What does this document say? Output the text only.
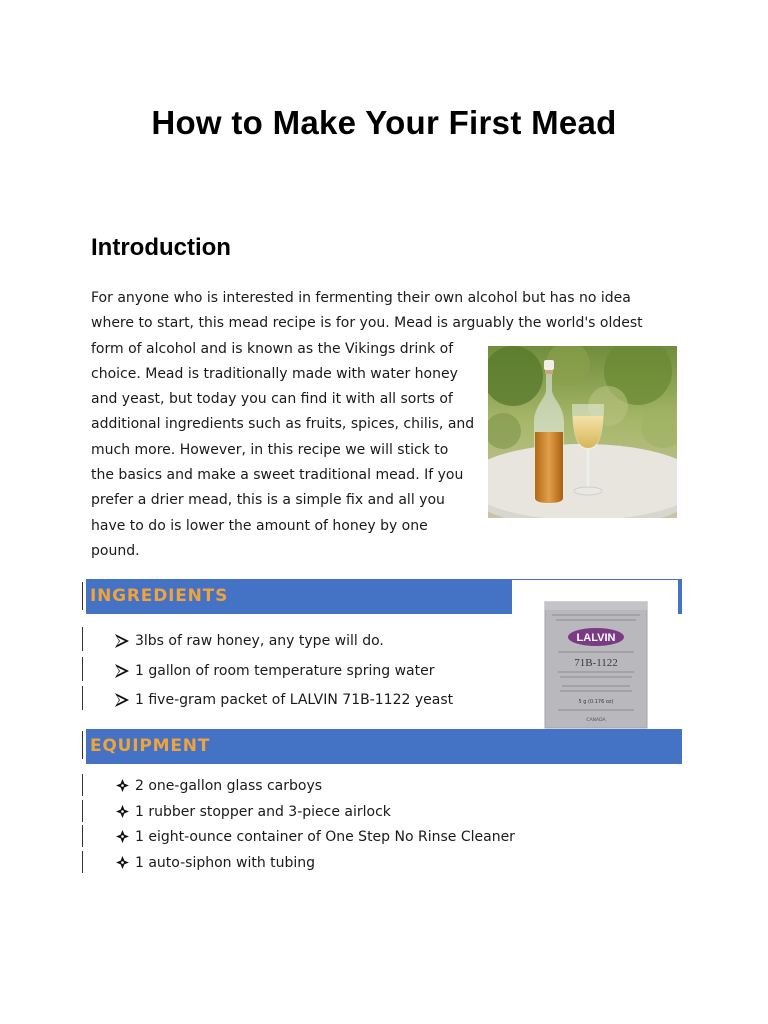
How to Make Your First Mead
Introduction
For anyone who is interested in fermenting their own alcohol but has no idea
where to start, this mead recipe is for you. Mead is arguably the world's oldest
form of alcohol and is known as the Vikings drink of
choice. Mead is traditionally made with water honey
and yeast, but today you can find it with all sorts of
additional ingredients such as fruits, spices, chilis, and
much more. However, in this recipe we will stick to
the basics and make a sweet traditional mead. If you
prefer a drier mead, this is a simple fix and all you
have to do is lower the amount of honey by one
pound.
INGREDIENTS
3lbs of raw honey, any type will do.
1 gallon of room temperature spring water
1 five-gram packet of LALVIN 71B-1122 yeast
LALVIN
71B-1122
5 g (0.176 oz)
CANADA
EQUIPMENT
2 one-gallon glass carboys
1 rubber stopper and 3-piece airlock
1 eight-ounce container of One Step No Rinse Cleaner
1 auto-siphon with tubing
